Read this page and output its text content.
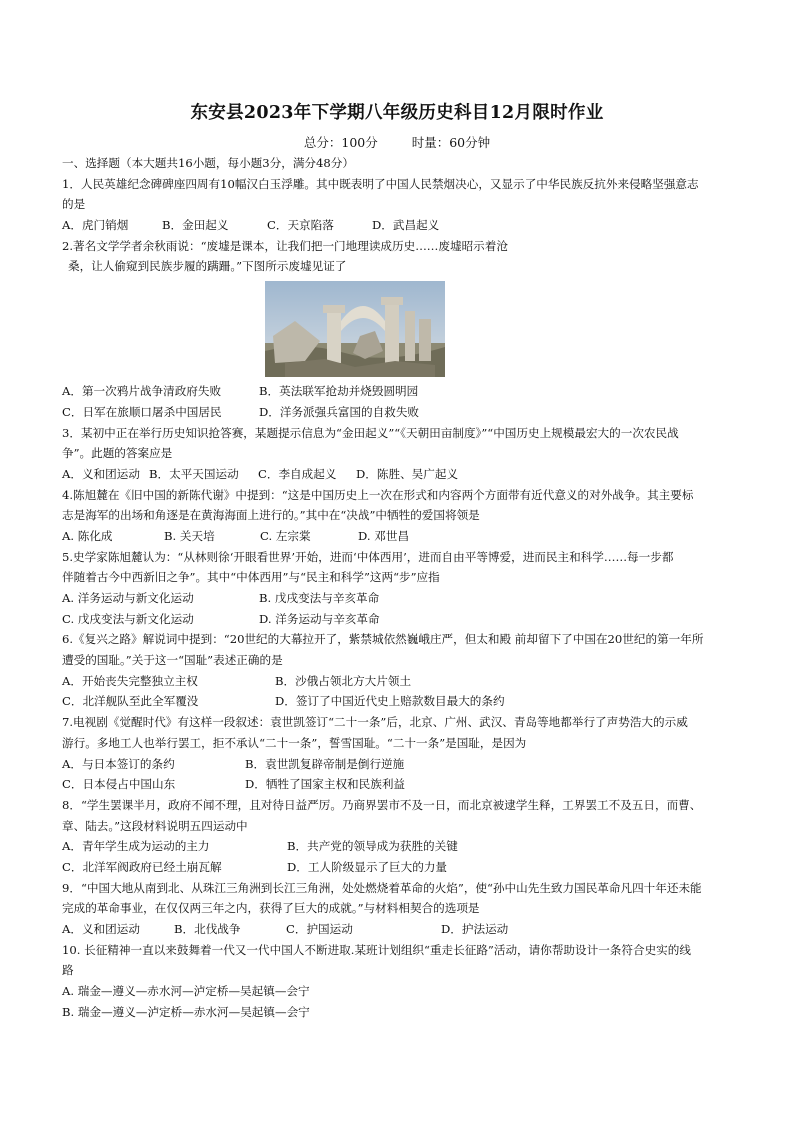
东安县2023年下学期八年级历史科目12月限时作业
总分：100分	时量：60分钟
一、选择题（本大题共16小题，每小题3分，满分48分）
1．人民英雄纪念碑碑座四周有10幅汉白玉浮雕。其中既表明了中国人民禁烟决心，又显示了中华民族反抗外来侵略坚强意志
的是
A．虎门销烟	B．金田起义	C．天京陷落	D．武昌起义
2.著名文学学者余秋雨说：“废墟是课本，让我们把一门地理读成历史……废墟昭示着沧
桑，让人偷窥到民族步履的蹒跚。”下图所示废墟见证了
A．第一次鸦片战争清政府失败	B．英法联军抢劫并烧毁圆明园
C．日军在旅顺口屠杀中国居民	D．洋务派强兵富国的自救失败
3．某初中正在举行历史知识抢答赛，某题提示信息为“金田起义”“《天朝田亩制度》”“中国历史上规模最宏大的一次农民战
争”。此题的答案应是
A．义和团运动 B．太平天国运动	C．李自成起义	D．陈胜、吴广起义
4.陈旭麓在《旧中国的新陈代谢》中提到：“这是中国历史上一次在形式和内容两个方面带有近代意义的对外战争。其主要标
志是海军的出场和角逐是在黄海海面上进行的。”其中在“决战”中牺牲的爱国将领是
A. 陈化成	B. 关天培	C. 左宗棠	D. 邓世昌
5.史学家陈旭麓认为：“从林则徐‘开眼看世界’开始，进而‘中体西用’，进而自由平等博爱，进而民主和科学……每一步都
伴随着古今中西新旧之争”。其中“中体西用”与“民主和科学”这两“步”应指
A. 洋务运动与新文化运动	B. 戊戌变法与辛亥革命
C. 戊戌变法与新文化运动	D. 洋务运动与辛亥革命
6.《复兴之路》解说词中提到：“20世纪的大幕拉开了，紫禁城依然巍峨庄严，但太和殿 前却留下了中国在20世纪的第一年所
遭受的国耻。”关于这一“国耻”表述正确的是
A．开始丧失完整独立主权	B．沙俄占领北方大片领土
C．北洋舰队至此全军覆没	D．签订了中国近代史上赔款数目最大的条约
7.电视剧《觉醒时代》有这样一段叙述：袁世凯签订“二十一条”后，北京、广州、武汉、青岛等地都举行了声势浩大的示威
游行。多地工人也举行罢工，拒不承认“二十一条”，誓雪国耻。“二十一条”是国耻，是因为
A．与日本签订的条约	B．袁世凯复辟帝制是倒行逆施
C．日本侵占中国山东	D．牺牲了国家主权和民族利益
8．“学生罢课半月，政府不闻不理，且对待日益严厉。乃商界罢市不及一日，而北京被逮学生释，工界罢工不及五日，而曹、
章、陆去。”这段材料说明五四运动中
A．青年学生成为运动的主力	B．共产党的领导成为获胜的关键
C．北洋军阀政府已经土崩瓦解	D．工人阶级显示了巨大的力量
9．“中国大地从南到北、从珠江三角洲到长江三角洲，处处燃烧着革命的火焰”，使“孙中山先生致力国民革命凡四十年还未能
完成的革命事业，在仅仅两三年之内，获得了巨大的成就。”与材料相契合的选项是
A．义和团运动	B．北伐战争	C．护国运动	D．护法运动
10. 长征精神一直以来鼓舞着一代又一代中国人不断进取.某班计划组织“重走长征路”活动，请你帮助设计一条符合史实的线
路
A. 瑞金—遵义—赤水河—泸定桥—吴起镇—会宁
B. 瑞金—遵义—泸定桥—赤水河—吴起镇—会宁
